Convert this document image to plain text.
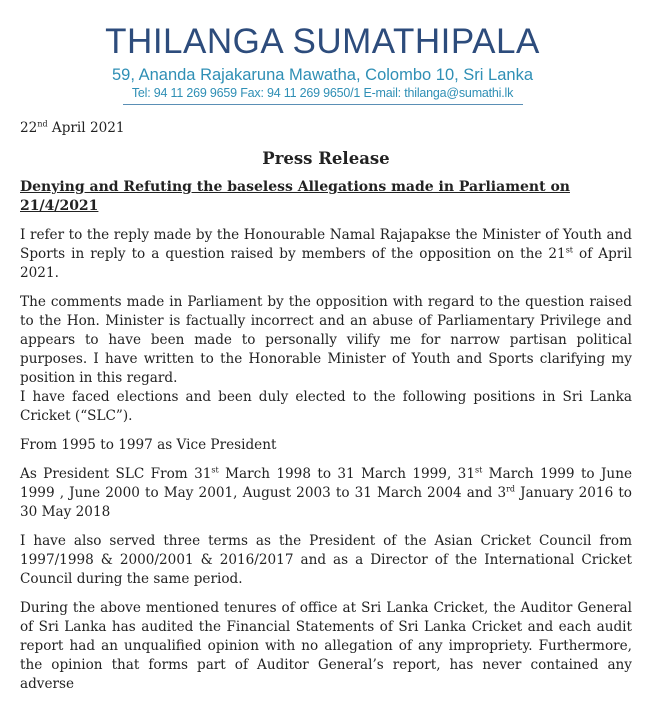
THILANGA SUMATHIPALA
59, Ananda Rajakaruna Mawatha, Colombo 10, Sri Lanka
Tel: 94 11 269 9659 Fax: 94 11 269 9650/1 E-mail: thilanga@sumathi.lk
22nd April 2021
Press Release
Denying and Refuting the baseless Allegations made in Parliament on 21/4/2021
I refer to the reply made by the Honourable Namal Rajapakse the Minister of Youth and Sports in reply to a question raised by members of the opposition on the 21st of April 2021.
The comments made in Parliament by the opposition with regard to the question raised to the Hon. Minister is factually incorrect and an abuse of Parliamentary Privilege and appears to have been made to personally vilify me for narrow partisan political purposes. I have written to the Honorable Minister of Youth and Sports clarifying my position in this regard.
I have faced elections and been duly elected to the following positions in Sri Lanka Cricket (“SLC”).
From 1995 to 1997 as Vice President
As President SLC From 31st March 1998 to 31 March 1999, 31st March 1999 to June 1999 , June 2000 to May 2001, August 2003 to 31 March 2004 and 3rd January 2016 to 30 May 2018
I have also served three terms as the President of the Asian Cricket Council from 1997/1998 & 2000/2001 & 2016/2017 and as a Director of the International Cricket Council during the same period.
During the above mentioned tenures of office at Sri Lanka Cricket, the Auditor General of Sri Lanka has audited the Financial Statements of Sri Lanka Cricket and each audit report had an unqualified opinion with no allegation of any impropriety. Furthermore, the opinion that forms part of Auditor General’s report, has never contained any adverse
